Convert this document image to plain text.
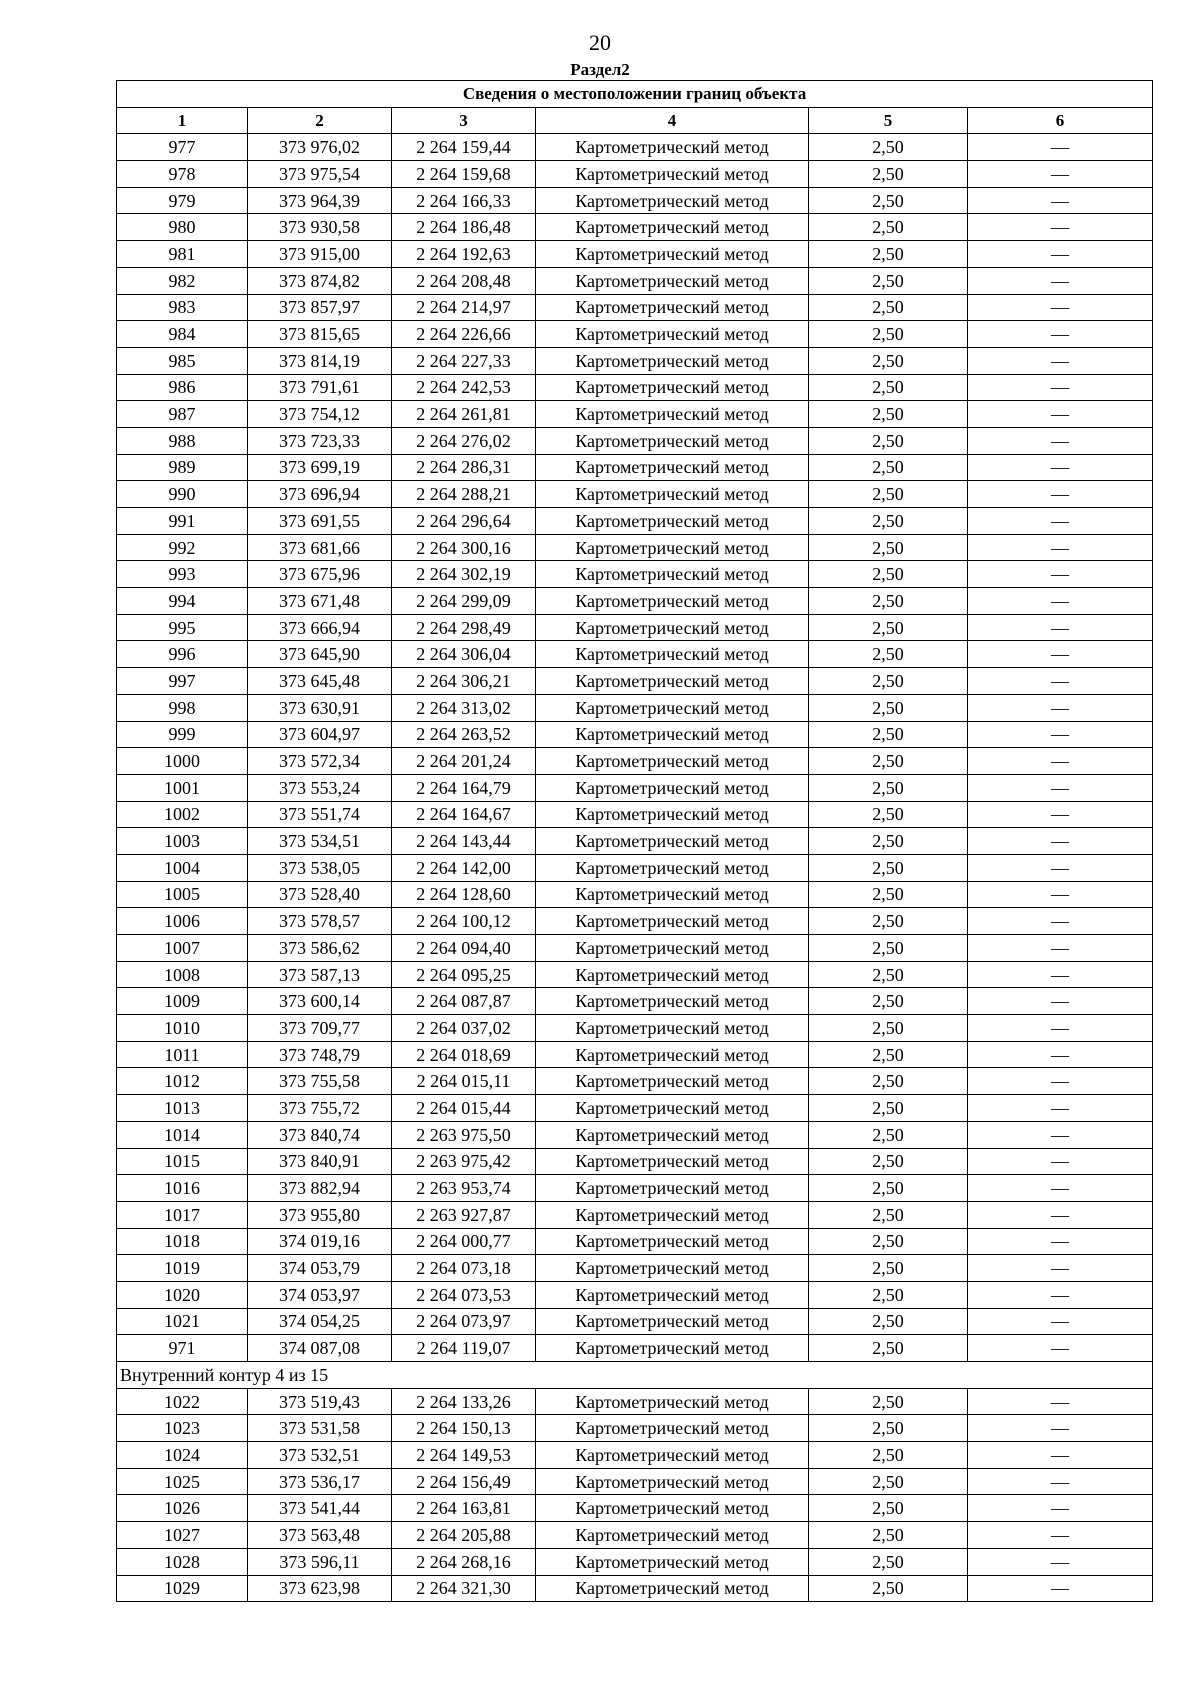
20
Раздел2
Сведения о местоположении границ объекта					
1	2	3	4	5	6
977	373 976,02	2 264 159,44	Картометрический метод	2,50	—
978	373 975,54	2 264 159,68	Картометрический метод	2,50	—
979	373 964,39	2 264 166,33	Картометрический метод	2,50	—
980	373 930,58	2 264 186,48	Картометрический метод	2,50	—
981	373 915,00	2 264 192,63	Картометрический метод	2,50	—
982	373 874,82	2 264 208,48	Картометрический метод	2,50	—
983	373 857,97	2 264 214,97	Картометрический метод	2,50	—
984	373 815,65	2 264 226,66	Картометрический метод	2,50	—
985	373 814,19	2 264 227,33	Картометрический метод	2,50	—
986	373 791,61	2 264 242,53	Картометрический метод	2,50	—
987	373 754,12	2 264 261,81	Картометрический метод	2,50	—
988	373 723,33	2 264 276,02	Картометрический метод	2,50	—
989	373 699,19	2 264 286,31	Картометрический метод	2,50	—
990	373 696,94	2 264 288,21	Картометрический метод	2,50	—
991	373 691,55	2 264 296,64	Картометрический метод	2,50	—
992	373 681,66	2 264 300,16	Картометрический метод	2,50	—
993	373 675,96	2 264 302,19	Картометрический метод	2,50	—
994	373 671,48	2 264 299,09	Картометрический метод	2,50	—
995	373 666,94	2 264 298,49	Картометрический метод	2,50	—
996	373 645,90	2 264 306,04	Картометрический метод	2,50	—
997	373 645,48	2 264 306,21	Картометрический метод	2,50	—
998	373 630,91	2 264 313,02	Картометрический метод	2,50	—
999	373 604,97	2 264 263,52	Картометрический метод	2,50	—
1000	373 572,34	2 264 201,24	Картометрический метод	2,50	—
1001	373 553,24	2 264 164,79	Картометрический метод	2,50	—
1002	373 551,74	2 264 164,67	Картометрический метод	2,50	—
1003	373 534,51	2 264 143,44	Картометрический метод	2,50	—
1004	373 538,05	2 264 142,00	Картометрический метод	2,50	—
1005	373 528,40	2 264 128,60	Картометрический метод	2,50	—
1006	373 578,57	2 264 100,12	Картометрический метод	2,50	—
1007	373 586,62	2 264 094,40	Картометрический метод	2,50	—
1008	373 587,13	2 264 095,25	Картометрический метод	2,50	—
1009	373 600,14	2 264 087,87	Картометрический метод	2,50	—
1010	373 709,77	2 264 037,02	Картометрический метод	2,50	—
1011	373 748,79	2 264 018,69	Картометрический метод	2,50	—
1012	373 755,58	2 264 015,11	Картометрический метод	2,50	—
1013	373 755,72	2 264 015,44	Картометрический метод	2,50	—
1014	373 840,74	2 263 975,50	Картометрический метод	2,50	—
1015	373 840,91	2 263 975,42	Картометрический метод	2,50	—
1016	373 882,94	2 263 953,74	Картометрический метод	2,50	—
1017	373 955,80	2 263 927,87	Картометрический метод	2,50	—
1018	374 019,16	2 264 000,77	Картометрический метод	2,50	—
1019	374 053,79	2 264 073,18	Картометрический метод	2,50	—
1020	374 053,97	2 264 073,53	Картометрический метод	2,50	—
1021	374 054,25	2 264 073,97	Картометрический метод	2,50	—
971	374 087,08	2 264 119,07	Картометрический метод	2,50	—
Внутренний контур 4 из 15					
1022	373 519,43	2 264 133,26	Картометрический метод	2,50	—
1023	373 531,58	2 264 150,13	Картометрический метод	2,50	—
1024	373 532,51	2 264 149,53	Картометрический метод	2,50	—
1025	373 536,17	2 264 156,49	Картометрический метод	2,50	—
1026	373 541,44	2 264 163,81	Картометрический метод	2,50	—
1027	373 563,48	2 264 205,88	Картометрический метод	2,50	—
1028	373 596,11	2 264 268,16	Картометрический метод	2,50	—
1029	373 623,98	2 264 321,30	Картометрический метод	2,50	—
